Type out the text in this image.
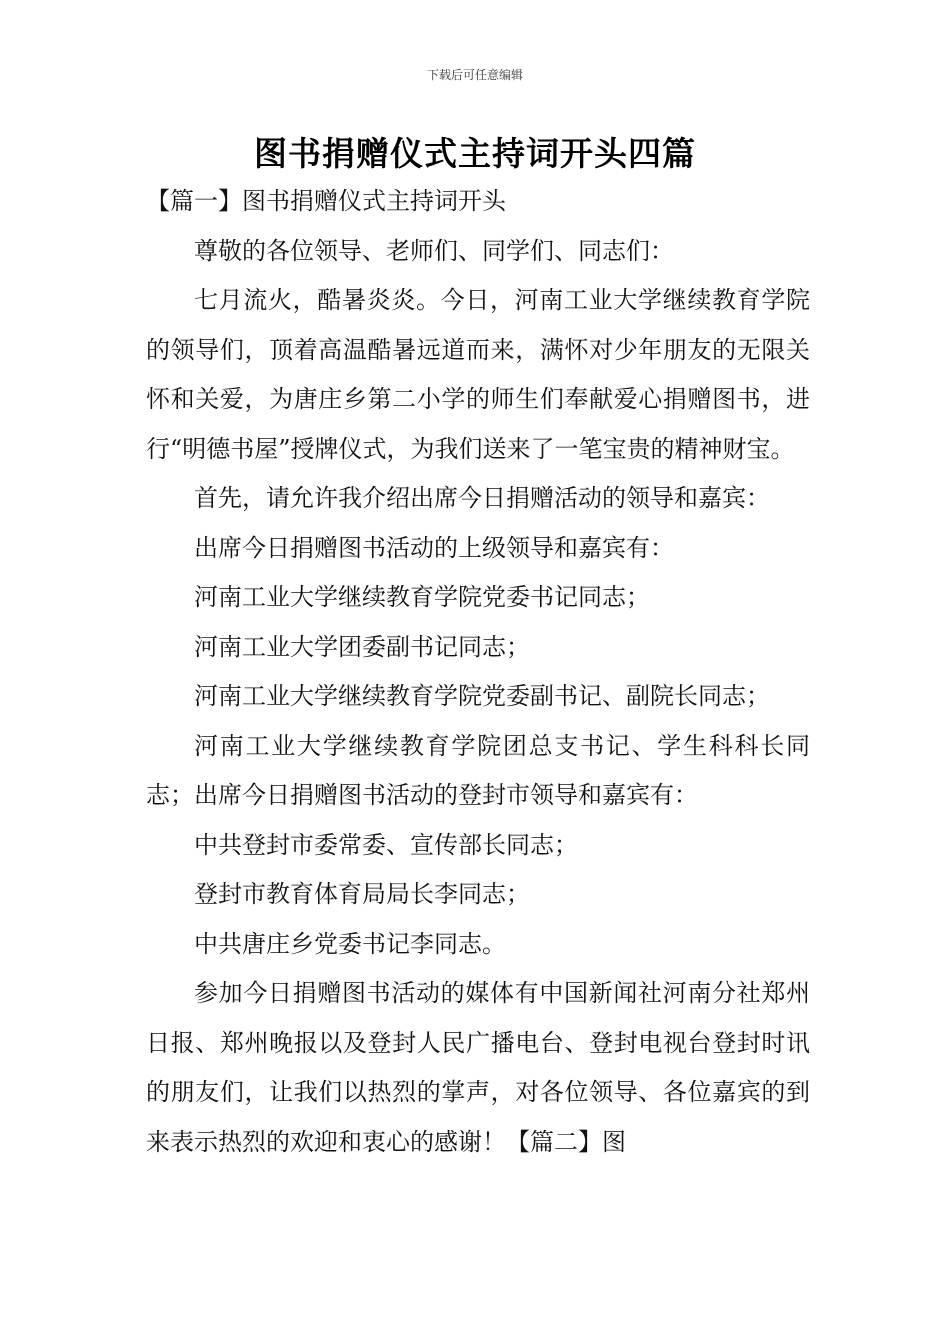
下载后可任意编辑
图书捐赠仪式主持词开头四篇

【篇一】图书捐赠仪式主持词开头

尊敬的各位领导、老师们、同学们、同志们：

七月流火，酷暑炎炎。今日，河南工业大学继续教育学院的领导们，顶着高温酷暑远道而来，满怀对少年朋友的无限关怀和关爱，为唐庄乡第二小学的师生们奉献爱心捐赠图书，进行“明德书屋”授牌仪式，为我们送来了一笔宝贵的精神财宝。

首先，请允许我介绍出席今日捐赠活动的领导和嘉宾：

出席今日捐赠图书活动的上级领导和嘉宾有：

河南工业大学继续教育学院党委书记同志；

河南工业大学团委副书记同志；

河南工业大学继续教育学院党委副书记、副院长同志；

河南工业大学继续教育学院团总支书记、学生科科长同志；出席今日捐赠图书活动的登封市领导和嘉宾有：

中共登封市委常委、宣传部长同志；

登封市教育体育局局长李同志；

中共唐庄乡党委书记李同志。

参加今日捐赠图书活动的媒体有中国新闻社河南分社郑州日报、郑州晚报以及登封人民广播电台、登封电视台登封时讯的朋友们，让我们以热烈的掌声，对各位领导、各位嘉宾的到来表示热烈的欢迎和衷心的感谢！【篇二】图
